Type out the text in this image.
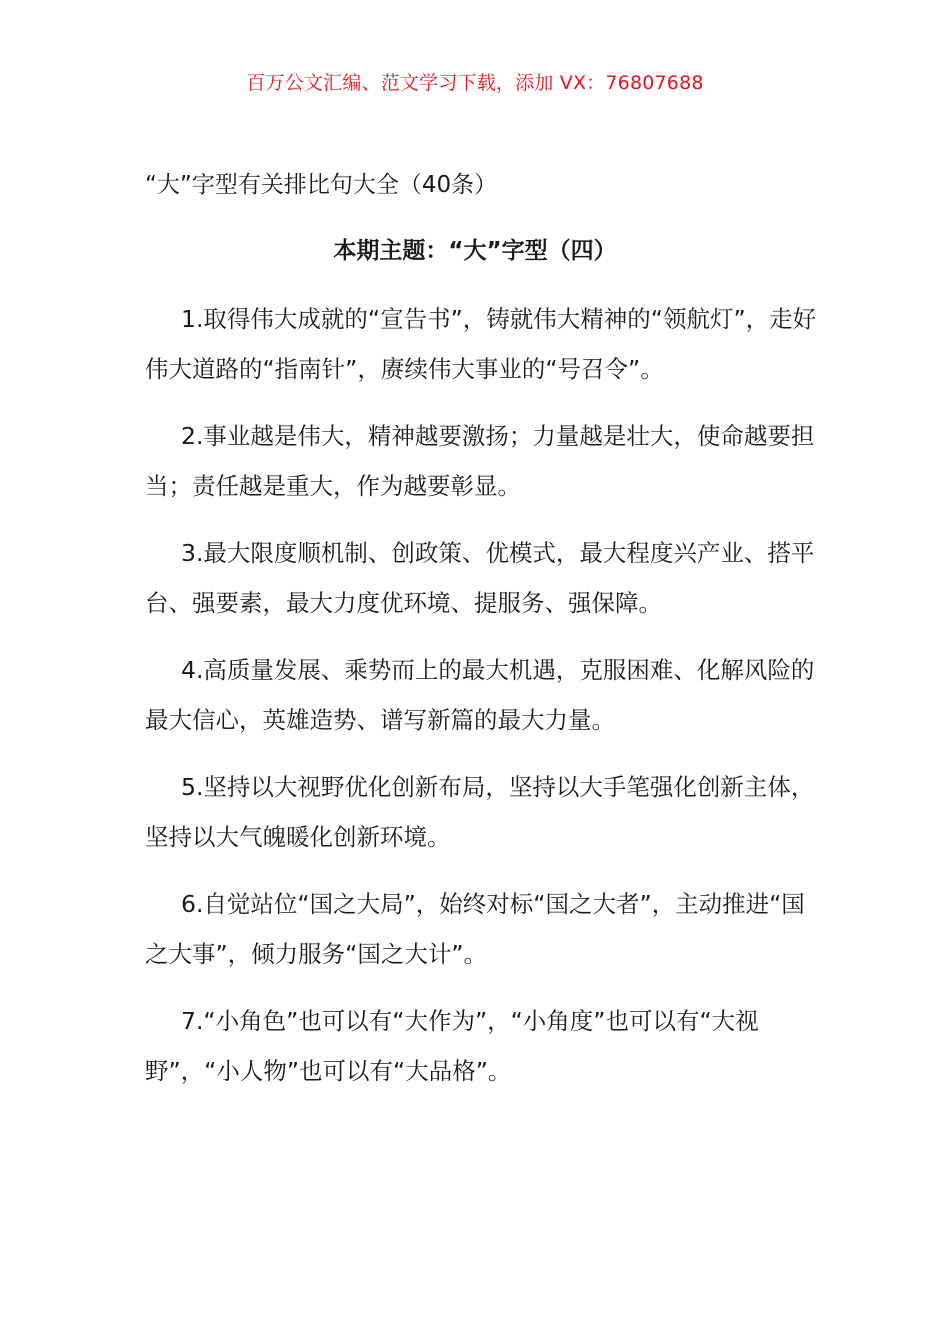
百万公文汇编、范文学习下载，添加 VX：76807688
“大”字型有关排比句大全（40条）
本期主题：“大”字型（四）

1.取得伟大成就的“宣告书”，铸就伟大精神的“领航灯”，走好伟大道路的“指南针”，赓续伟大事业的“号召令”。

2.事业越是伟大，精神越要激扬；力量越是壮大，使命越要担当；责任越是重大，作为越要彰显。

3.最大限度顺机制、创政策、优模式，最大程度兴产业、搭平台、强要素，最大力度优环境、提服务、强保障。

4.高质量发展、乘势而上的最大机遇，克服困难、化解风险的最大信心，英雄造势、谱写新篇的最大力量。

5.坚持以大视野优化创新布局，坚持以大手笔强化创新主体，坚持以大气魄暖化创新环境。

6.自觉站位“国之大局”，始终对标“国之大者”，主动推进“国之大事”，倾力服务“国之大计”。

7.“小角色”也可以有“大作为”，“小角度”也可以有“大视野”，“小人物”也可以有“大品格”。
